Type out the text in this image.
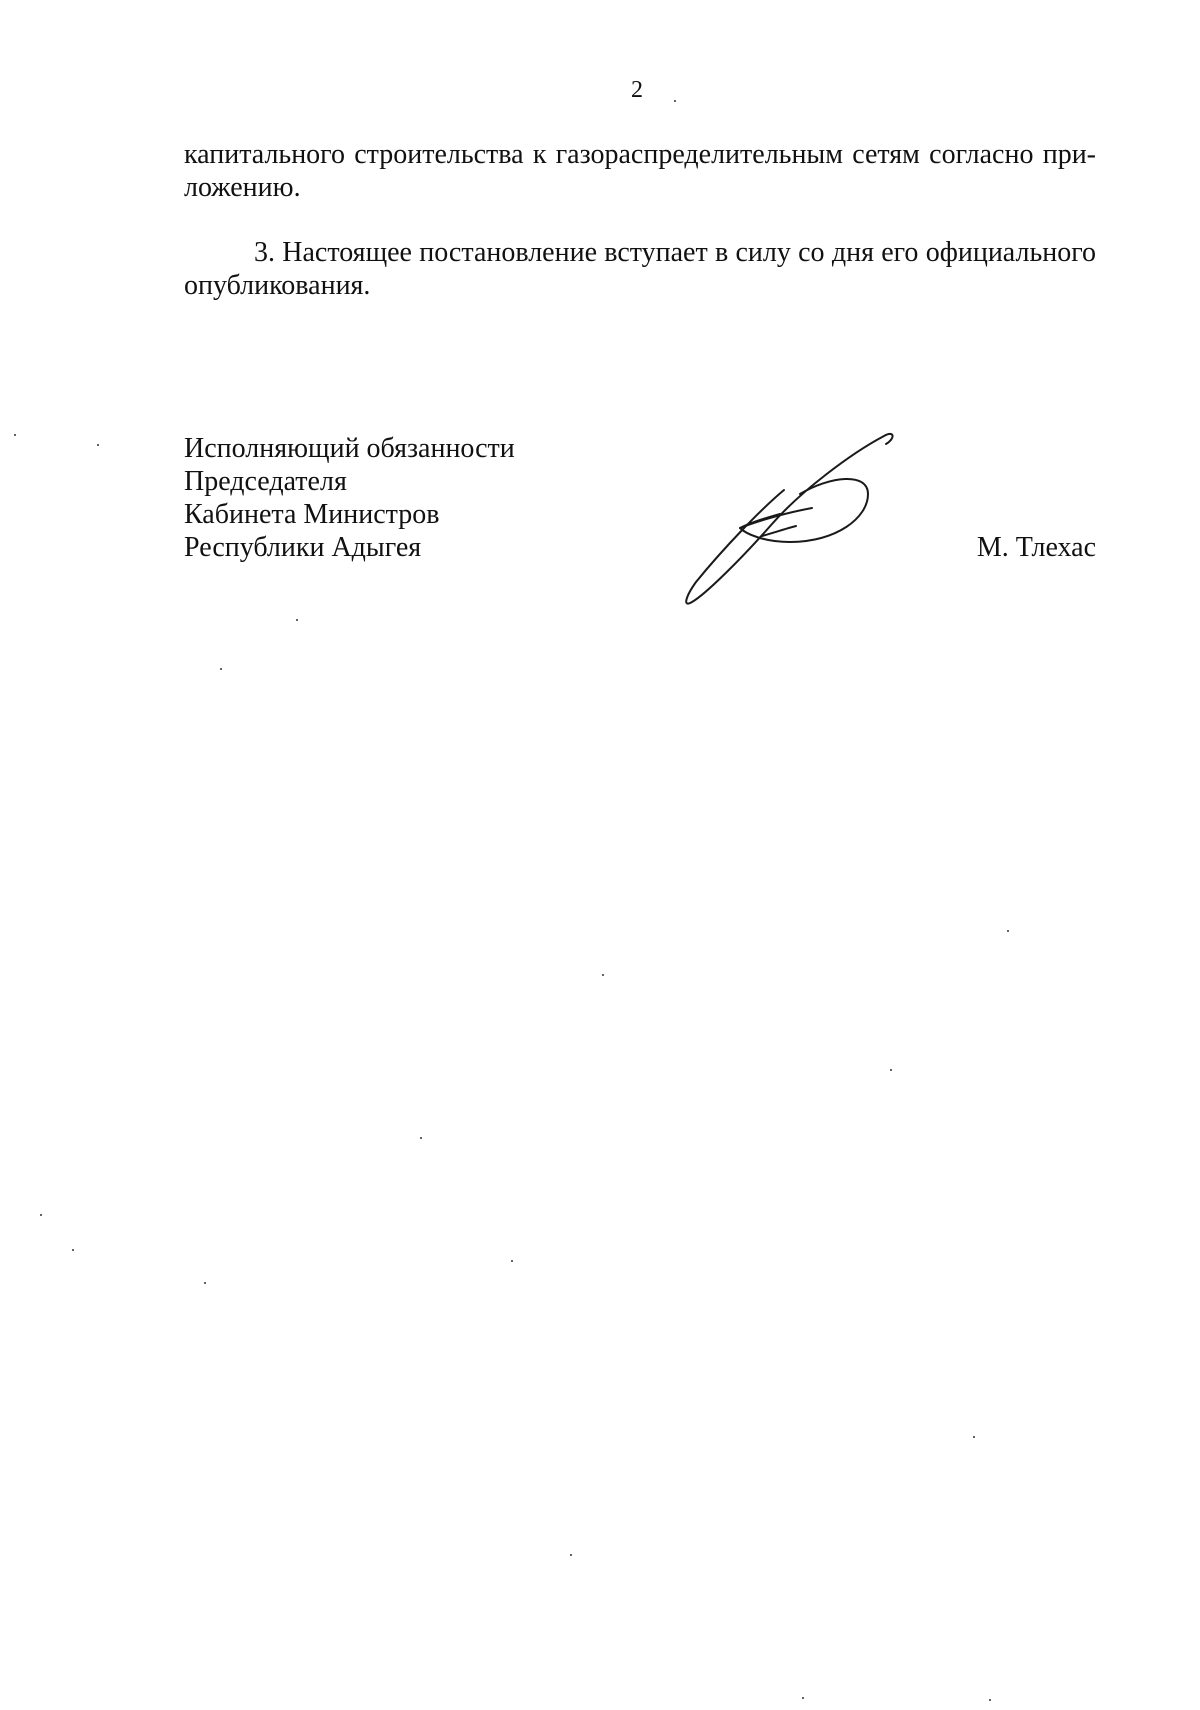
2

капитального строительства к газораспределительным сетям согласно при-ложению.

3. Настоящее постановление вступает в силу со дня его официального опубликования.

Исполняющий обязанности
Председателя
Кабинета Министров
Республики Адыгея	М. Тлехас
